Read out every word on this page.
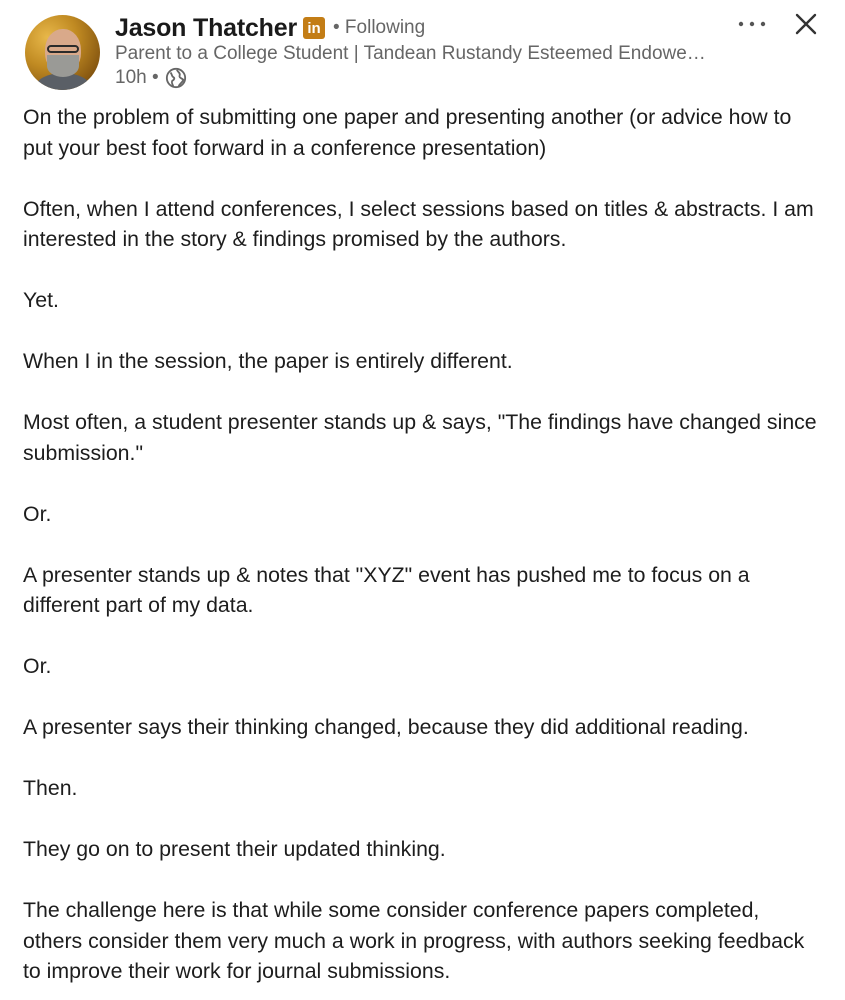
Jason Thatcher in • Following
Parent to a College Student | Tandean Rustandy Esteemed Endowe…
10h •

On the problem of submitting one paper and presenting another (or advice how to put your best foot forward in a conference presentation)

Often, when I attend conferences, I select sessions based on titles & abstracts. I am interested in the story & findings promised by the authors.

Yet.

When I in the session, the paper is entirely different.

Most often, a student presenter stands up & says, "The findings have changed since submission."

Or.

A presenter stands up & notes that "XYZ" event has pushed me to focus on a different part of my data.

Or.

A presenter says their thinking changed, because they did additional reading.

Then.

They go on to present their updated thinking.

The challenge here is that while some consider conference papers completed, others consider them very much a work in progress, with authors seeking feedback to improve their work for journal submissions.
